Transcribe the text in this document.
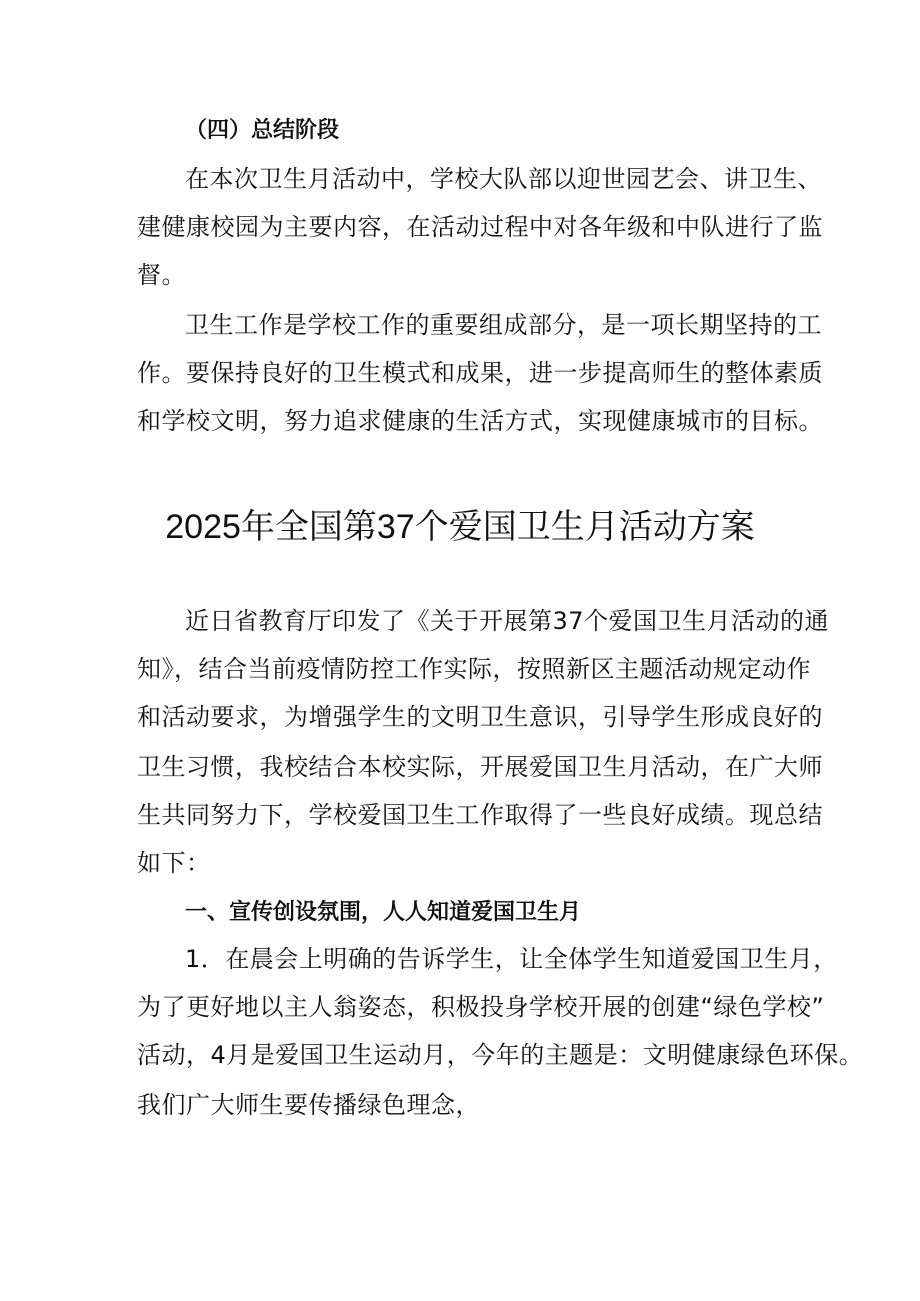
（四）总结阶段
在本次卫生月活动中，学校大队部以迎世园艺会、讲卫生、
建健康校园为主要内容，在活动过程中对各年级和中队进行了监
督。
卫生工作是学校工作的重要组成部分，是一项长期坚持的工
作。要保持良好的卫生模式和成果，进一步提高师生的整体素质
和学校文明，努力追求健康的生活方式，实现健康城市的目标。
2025年全国第37个爱国卫生月活动方案
近日省教育厅印发了《关于开展第37个爱国卫生月活动的通
知》，结合当前疫情防控工作实际，按照新区主题活动规定动作
和活动要求，为增强学生的文明卫生意识，引导学生形成良好的
卫生习惯，我校结合本校实际，开展爱国卫生月活动，在广大师
生共同努力下，学校爱国卫生工作取得了一些良好成绩。现总结
如下：
一、宣传创设氛围，人人知道爱国卫生月
1．在晨会上明确的告诉学生，让全体学生知道爱国卫生月，
为了更好地以主人翁姿态，积极投身学校开展的创建“绿色学校”
活动，4月是爱国卫生运动月，今年的主题是：文明健康绿色环保。
我们广大师生要传播绿色理念，
